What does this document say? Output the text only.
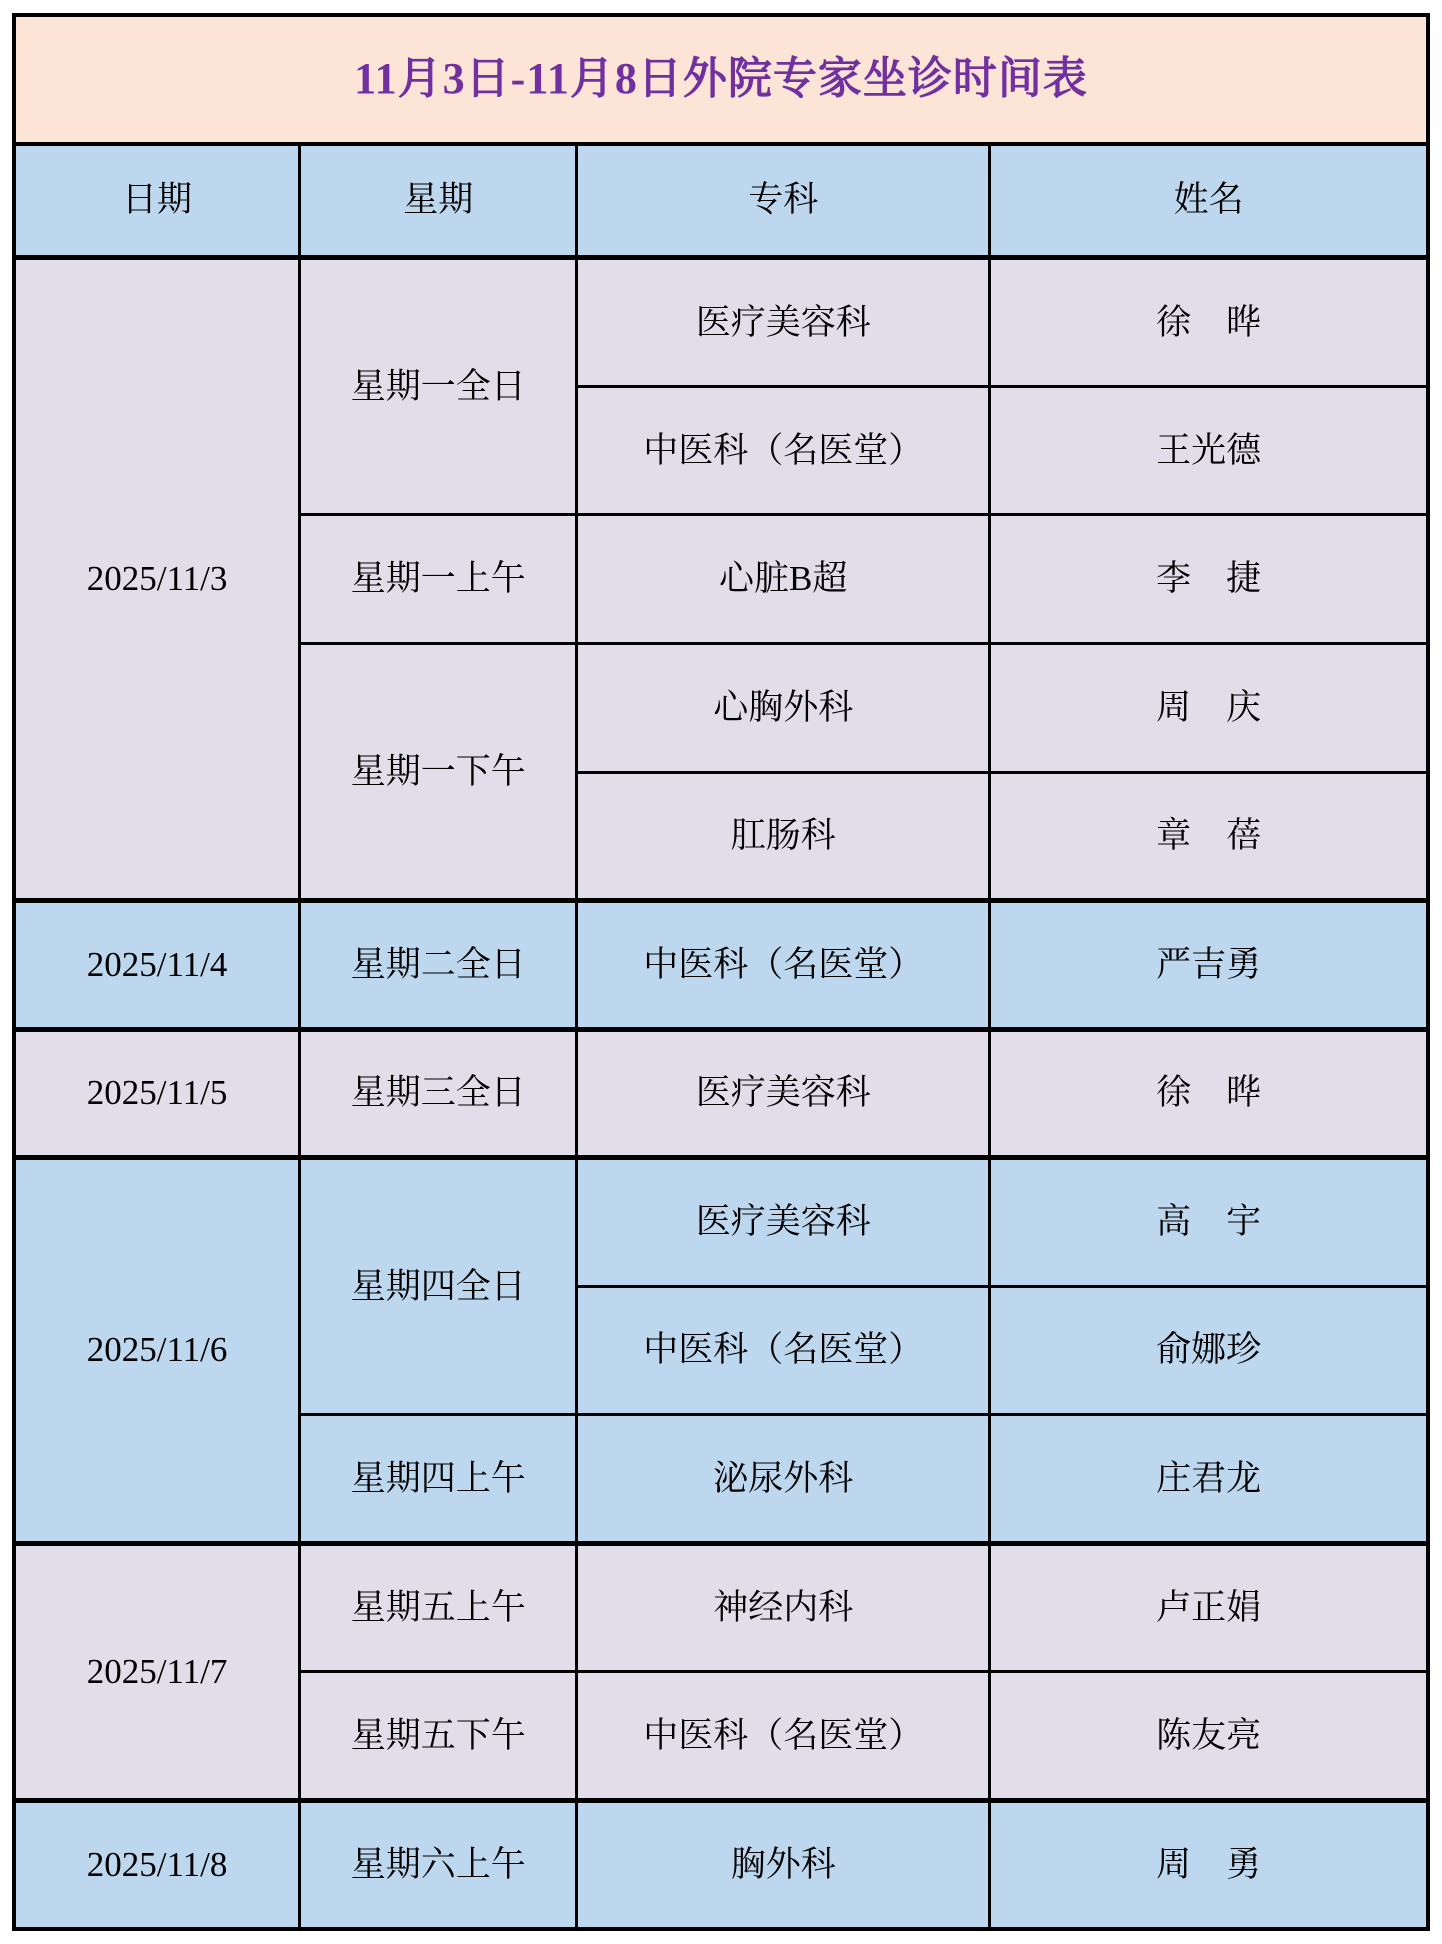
11月3日-11月8日外院专家坐诊时间表			
日期	星期	专科	姓名
2025/11/3	星期一全日	医疗美容科	徐　晔
		中医科（名医堂）	王光德
	星期一上午	心脏B超	李　捷
	星期一下午	心胸外科	周　庆
		肛肠科	章　蓓
2025/11/4	星期二全日	中医科（名医堂）	严吉勇
2025/11/5	星期三全日	医疗美容科	徐　晔
2025/11/6	星期四全日	医疗美容科	高　宇
		中医科（名医堂）	俞娜珍
	星期四上午	泌尿外科	庄君龙
2025/11/7	星期五上午	神经内科	卢正娟
	星期五下午	中医科（名医堂）	陈友亮
2025/11/8	星期六上午	胸外科	周　勇
